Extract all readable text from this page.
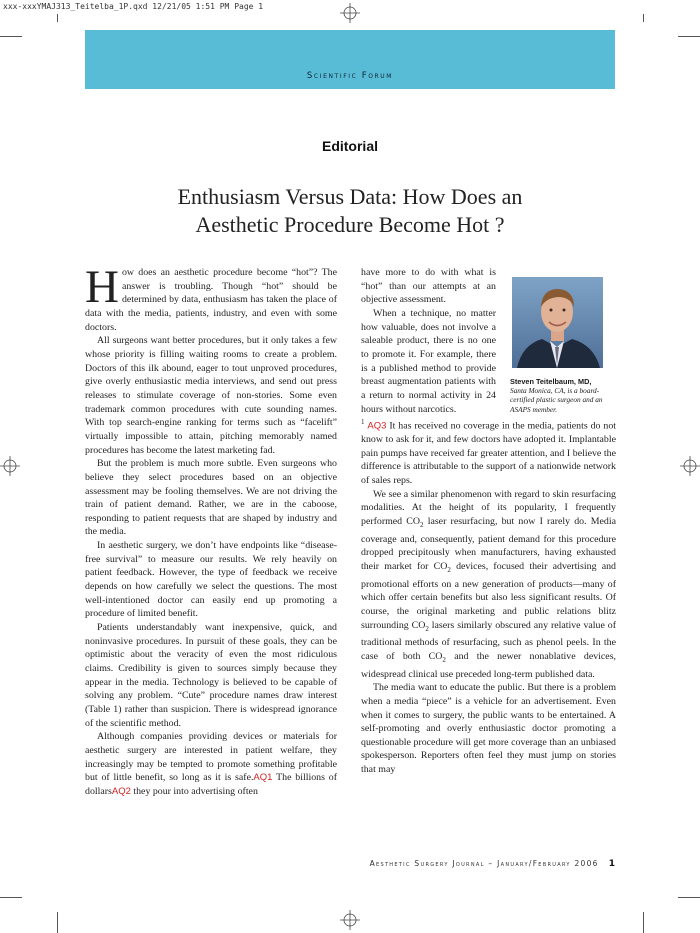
xxx-xxxYMAJ313_Teitelba_1P.qxd 12/21/05 1:51 PM Page 1
Scientific Forum
Editorial
Enthusiasm Versus Data: How Does an
Aesthetic Procedure Become Hot ?

How does an aesthetic procedure become “hot”? The answer is troubling. Though “hot” should be determined by data, enthusiasm has taken the place of data with the media, patients, industry, and even with some doctors.

All surgeons want better procedures, but it only takes a few whose priority is filling waiting rooms to create a problem. Doctors of this ilk abound, eager to tout unproved procedures, give overly enthusiastic media interviews, and send out press releases to stimulate coverage of non-stories. Some even trademark common procedures with cute sounding names. With top search-engine ranking for terms such as “facelift” virtually impossible to attain, pitching memorably named procedures has become the latest marketing fad.

But the problem is much more subtle. Even surgeons who believe they select procedures based on an objective assessment may be fooling themselves. We are not driving the train of patient demand. Rather, we are in the caboose, responding to patient requests that are shaped by industry and the media.

In aesthetic surgery, we don’t have endpoints like “disease-free survival” to measure our results. We rely heavily on patient feedback. However, the type of feedback we receive depends on how carefully we select the questions. The most well-intentioned doctor can easily end up promoting a procedure of limited benefit.

Patients understandably want inexpensive, quick, and noninvasive procedures. In pursuit of these goals, they can be optimistic about the veracity of even the most ridiculous claims. Credibility is given to sources simply because they appear in the media. Technology is believed to be capable of solving any problem. “Cute” procedure names draw interest (Table 1) rather than suspicion. There is widespread ignorance of the scientific method.

Although companies providing devices or materials for aesthetic surgery are interested in patient welfare, they increasingly may be tempted to promote something profitable but of little benefit, so long as it is safe.AQ1 The billions of dollarsAQ2 they pour into advertising often

Steven Teitelbaum, MD,
Santa Monica, CA, is a board-certified plastic surgeon and an ASAPS member.

have more to do with what is “hot” than our attempts at an objective assessment.

When a technique, no matter how valuable, does not involve a saleable product, there is no one to promote it. For example, there is a published method to provide breast augmentation patients with a return to normal activity in 24 hours without narcotics.

$^1$ AQ3 It has received no coverage in the media, patients do not know to ask for it, and few doctors have adopted it. Implantable pain pumps have received far greater attention, and I believe the difference is attributable to the support of a nationwide network of sales reps.

We see a similar phenomenon with regard to skin resurfacing modalities. At the height of its popularity, I frequently performed $CO_2$ laser resurfacing, but now I rarely do. Media coverage and, consequently, patient demand for this procedure dropped precipitously when manufacturers, having exhausted their market for $CO_2$ devices, focused their advertising and promotional efforts on a new generation of products—many of which offer certain benefits but also less significant results. Of course, the original marketing and public relations blitz surrounding $CO_2$ lasers similarly obscured any relative value of traditional methods of resurfacing, such as phenol peels. In the case of both $CO_2$ and the newer nonablative devices, widespread clinical use preceded long-term published data.

The media want to educate the public. But there is a problem when a media “piece” is a vehicle for an advertisement. Even when it comes to surgery, the public wants to be entertained. A self-promoting and overly enthusiastic doctor promoting a questionable procedure will get more coverage than an unbiased spokesperson. Reporters often feel they must jump on stories that may

Aesthetic Surgery Journal – January/February 2006 1
